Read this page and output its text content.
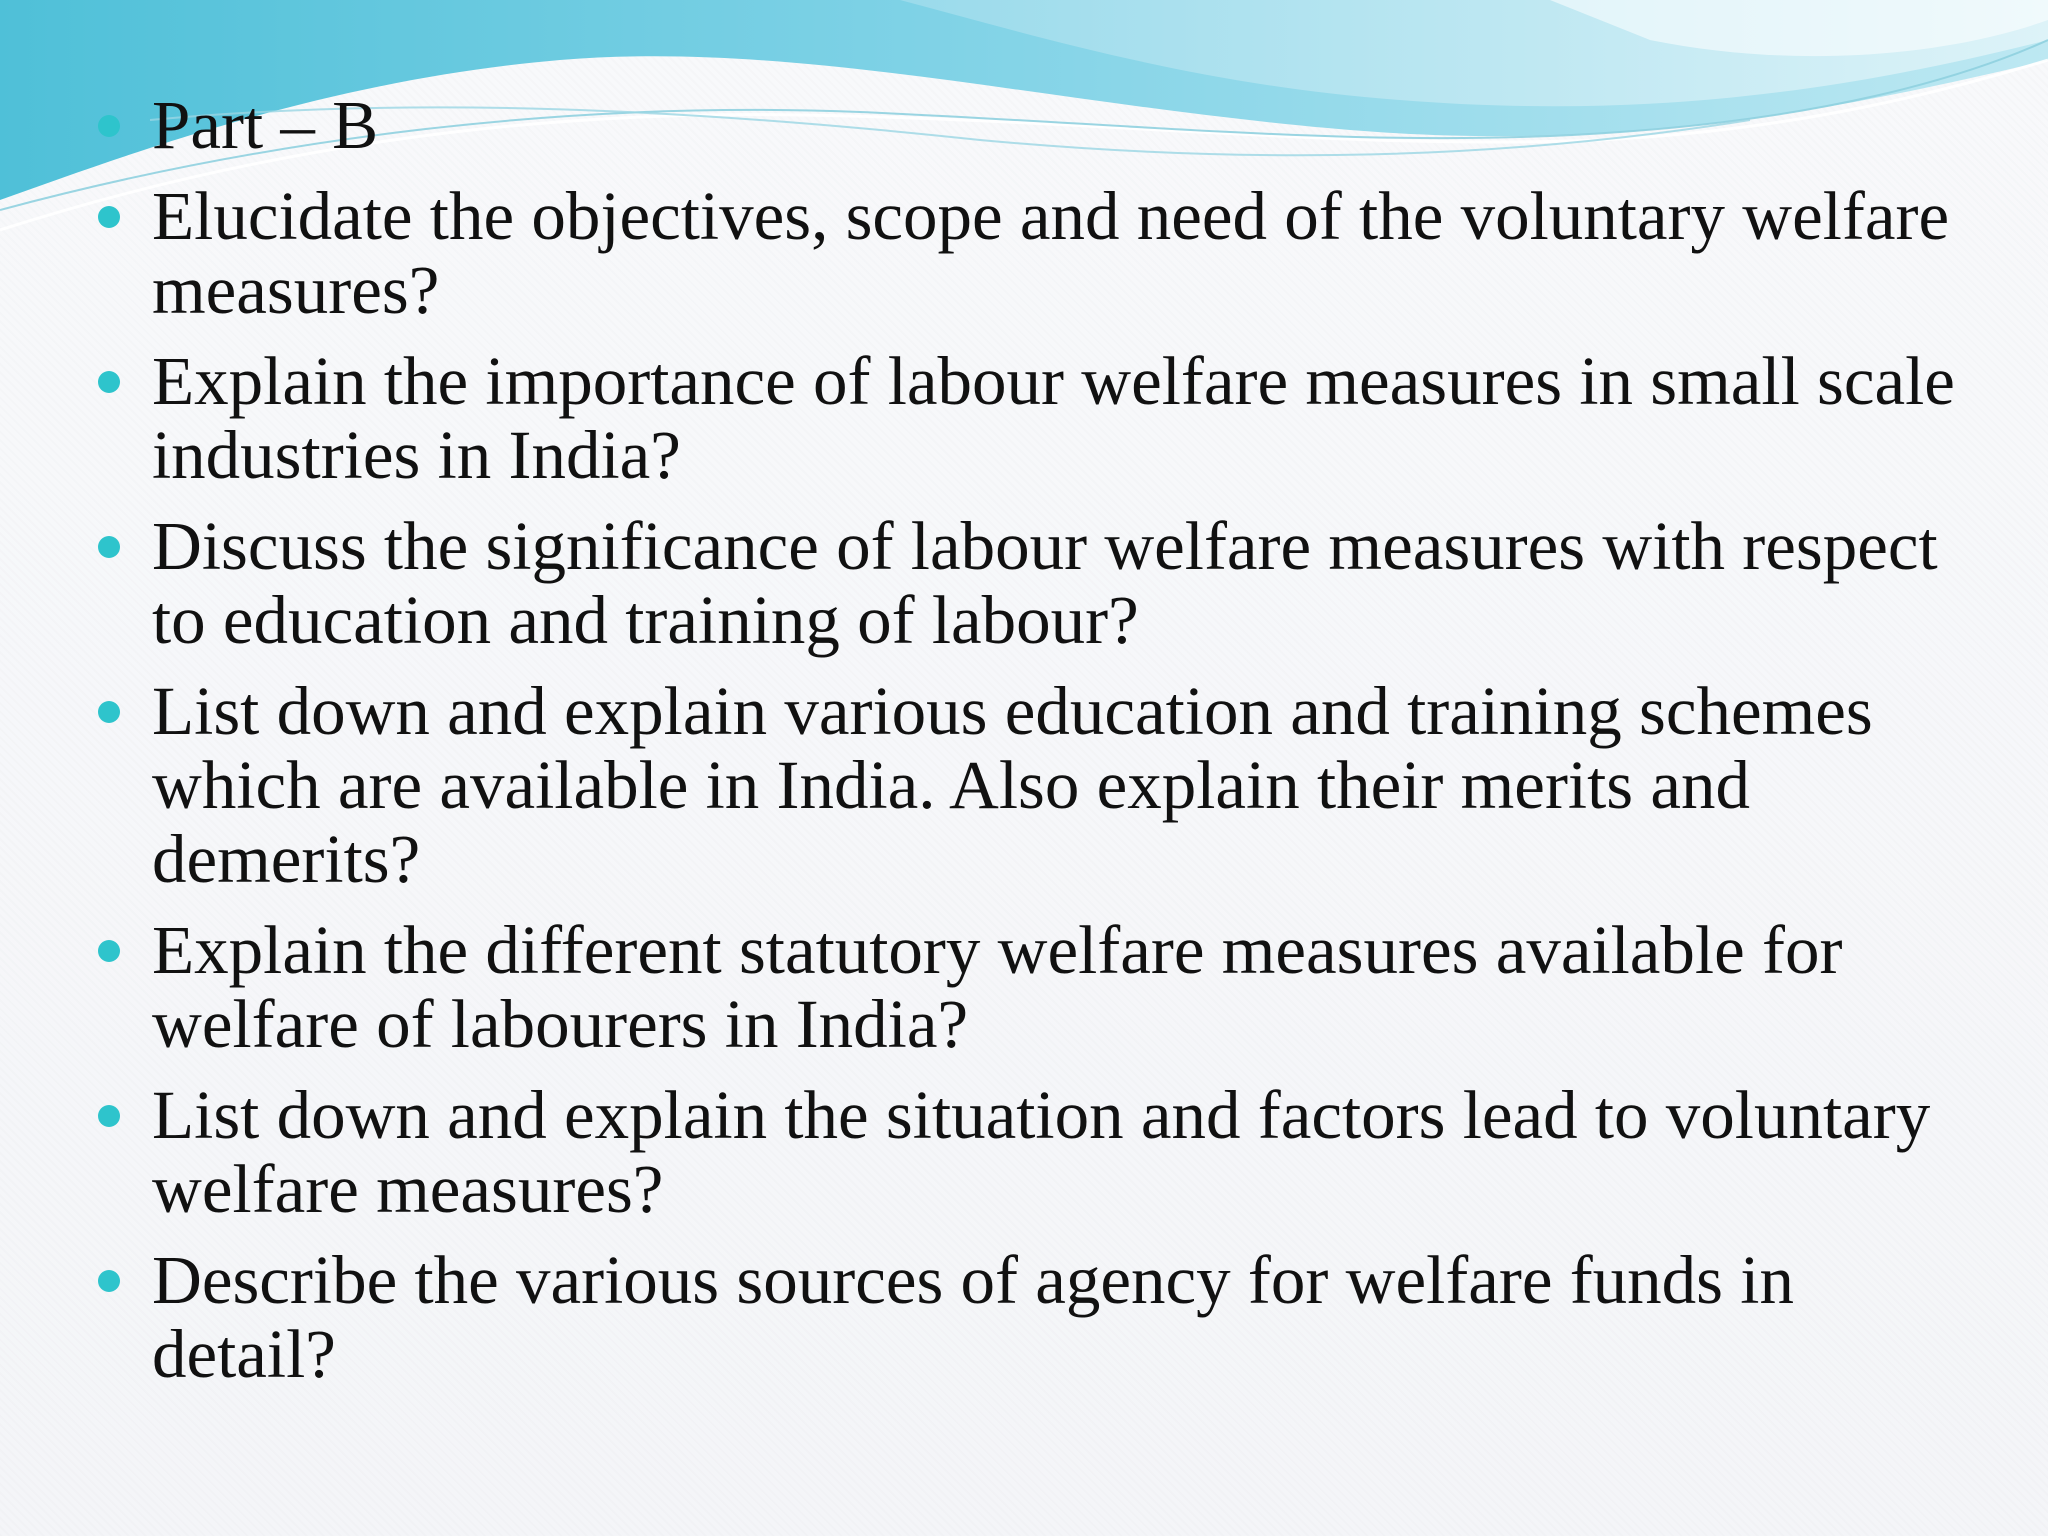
Part – B
Elucidate the objectives, scope and need of the voluntary welfare measures?
Explain the importance of labour welfare measures in small scale industries in India?
Discuss the significance of labour welfare measures with respect to education and training of labour?
List down and explain various education and training schemes which are available in India. Also explain their merits and demerits?
Explain the different statutory welfare measures available for welfare of labourers in India?
List down and explain the situation and factors lead to voluntary welfare measures?
Describe the various sources of agency for welfare funds in detail?
